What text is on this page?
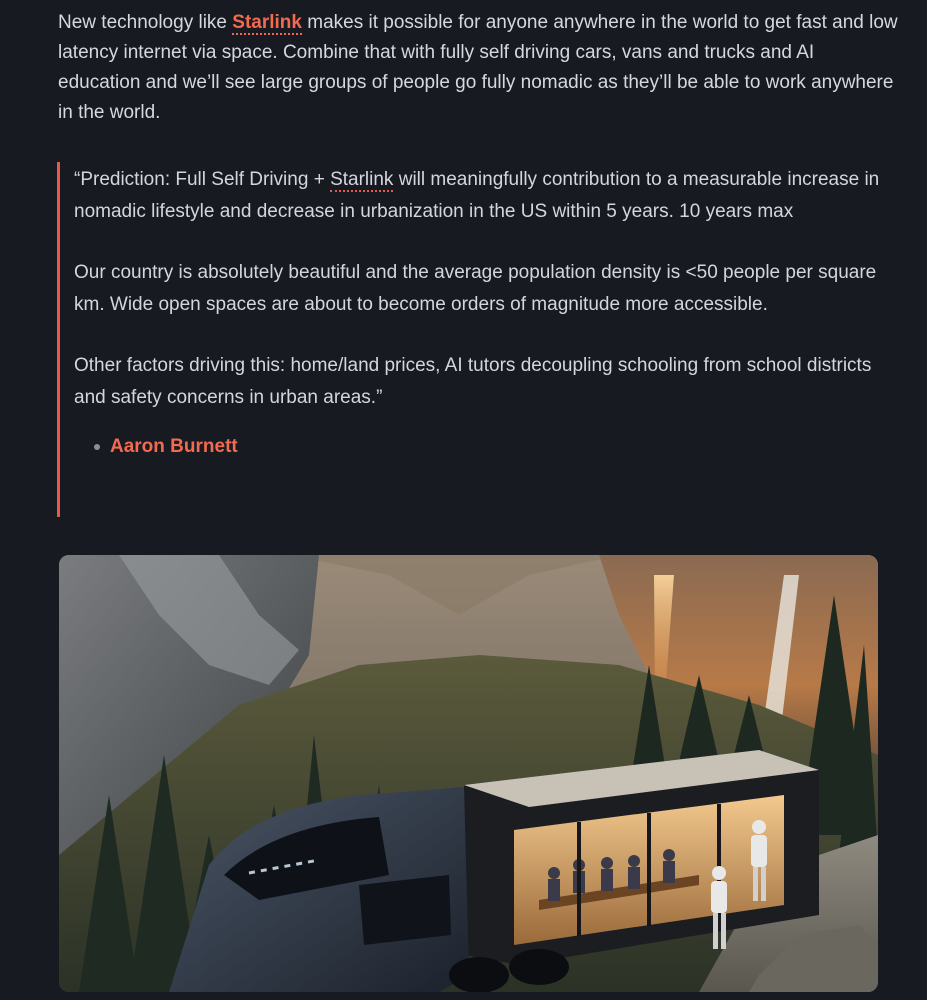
New technology like Starlink makes it possible for anyone anywhere in the world to get fast and low latency internet via space. Combine that with fully self driving cars, vans and trucks and AI education and we’ll see large groups of people go fully nomadic as they’ll be able to work anywhere in the world.

“Prediction: Full Self Driving + Starlink will meaningfully contribution to a measurable increase in nomadic lifestyle and decrease in urbanization in the US within 5 years. 10 years max

Our country is absolutely beautiful and the average population density is <50 people per square km. Wide open spaces are about to become orders of magnitude more accessible.

Other factors driving this: home/land prices, AI tutors decoupling schooling from school districts and safety concerns in urban areas.”

Aaron Burnett
